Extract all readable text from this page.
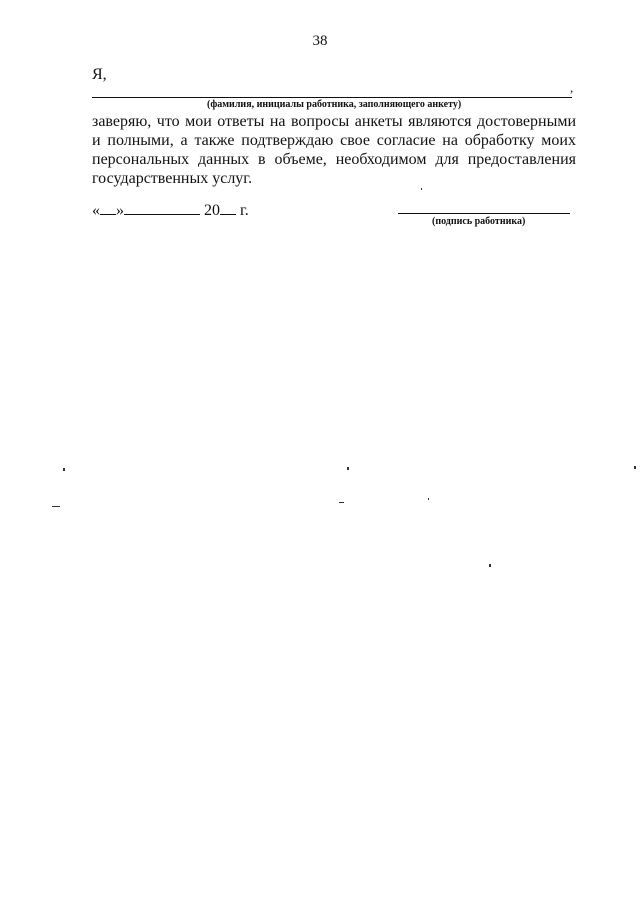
38
Я,
,
(фамилия, инициалы работника, заполняющего анкету)

заверяю, что мои ответы на вопросы анкеты являются достоверными и полными, а также подтверждаю свое согласие на обработку моих персональных данных в объеме, необходимом для предоставления государственных услуг.

« »	20 г.
(подпись работника)
